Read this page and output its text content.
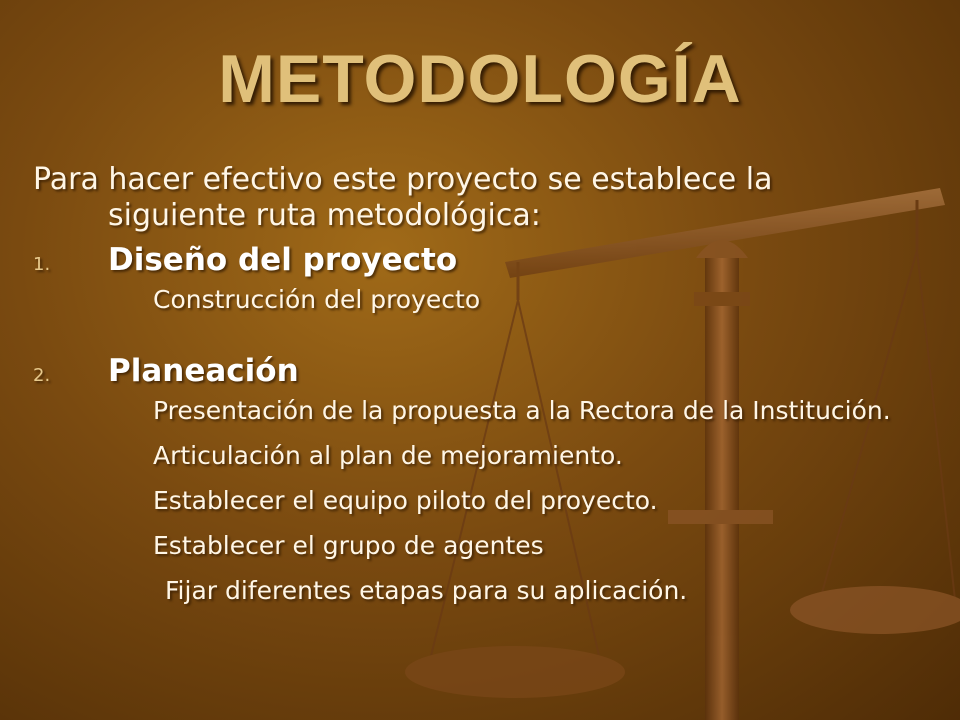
METODOLOGÍA

Para hacer efectivo este proyecto se establece la siguiente ruta metodológica:

1.	Diseño del proyecto
Construcción del proyecto
2.	Planeación
Presentación de la propuesta a la Rectora de la Institución.
Articulación al plan de mejoramiento.
Establecer el equipo piloto del proyecto.
Establecer el grupo de agentes
Fijar diferentes etapas para su aplicación.
